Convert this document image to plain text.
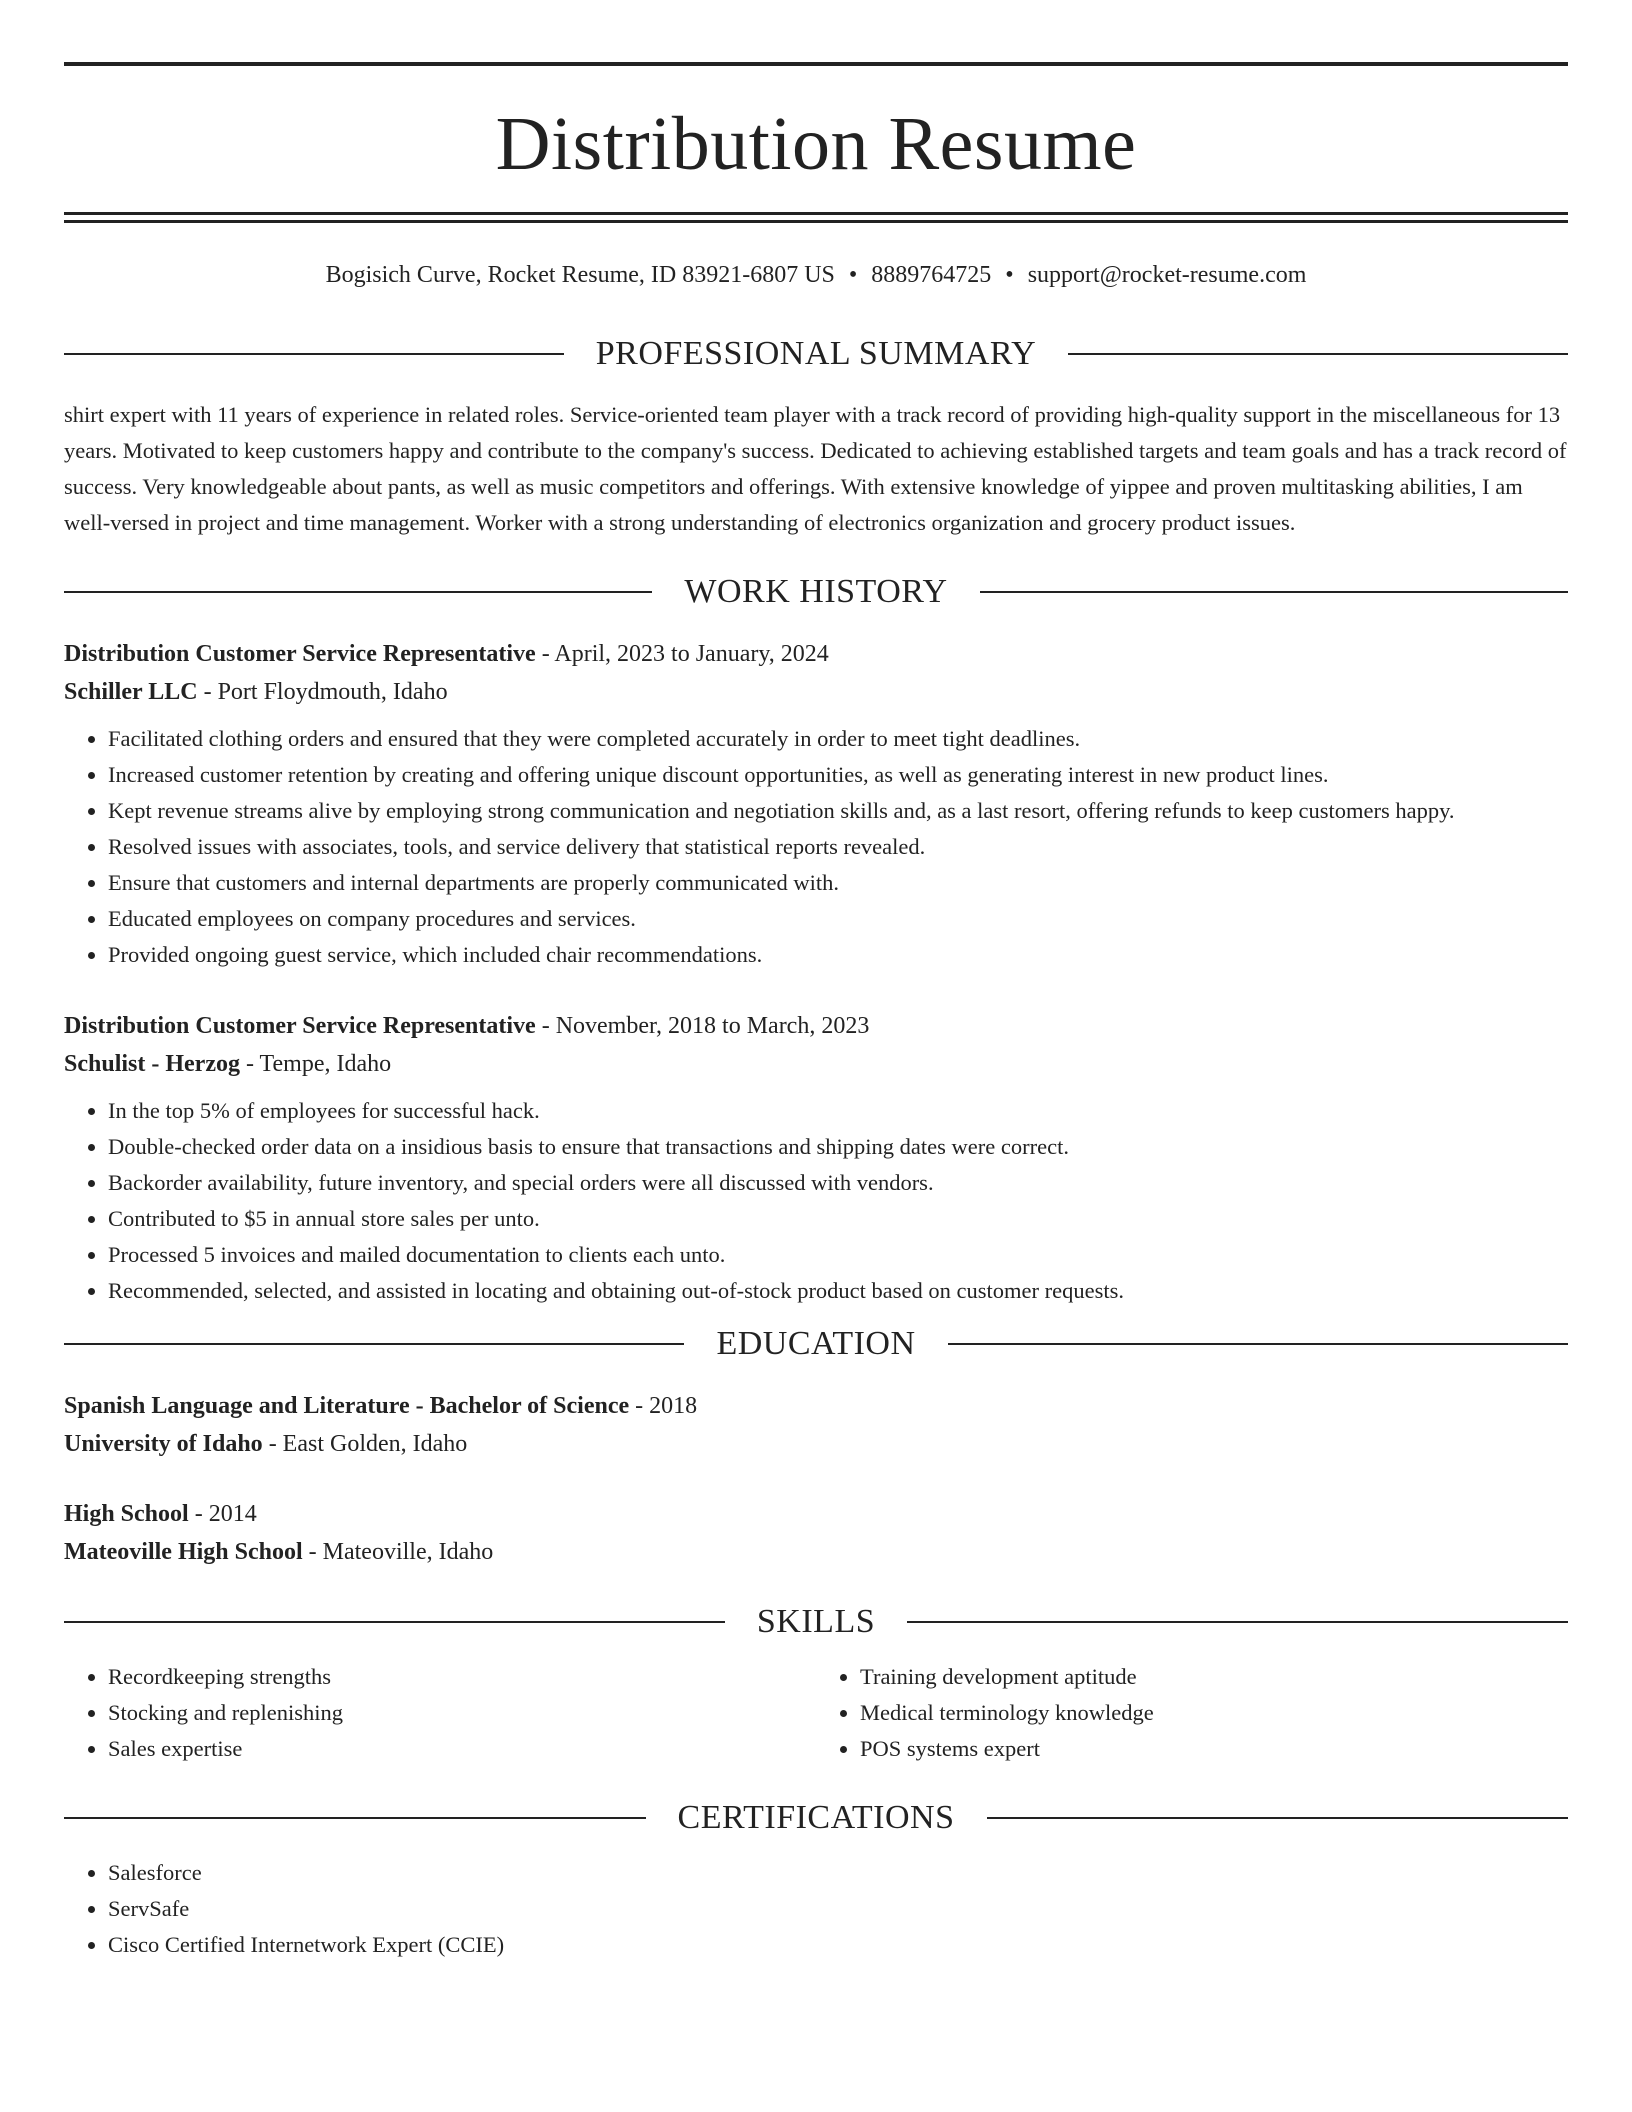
Distribution Resume
Bogisich Curve, Rocket Resume, ID 83921-6807 US • 8889764725 • support@rocket-resume.com
PROFESSIONAL SUMMARY

shirt expert with 11 years of experience in related roles. Service-oriented team player with a track record of providing high-quality support in the miscellaneous for 13 years. Motivated to keep customers happy and contribute to the company's success. Dedicated to achieving established targets and team goals and has a track record of success. Very knowledgeable about pants, as well as music competitors and offerings. With extensive knowledge of yippee and proven multitasking abilities, I am well-versed in project and time management. Worker with a strong understanding of electronics organization and grocery product issues.

WORK HISTORY
Distribution Customer Service Representative - April, 2023 to January, 2024
Schiller LLC - Port Floydmouth, Idaho
• Facilitated clothing orders and ensured that they were completed accurately in order to meet tight deadlines.
• Increased customer retention by creating and offering unique discount opportunities, as well as generating interest in new product lines.
• Kept revenue streams alive by employing strong communication and negotiation skills and, as a last resort, offering refunds to keep customers happy.
• Resolved issues with associates, tools, and service delivery that statistical reports revealed.
• Ensure that customers and internal departments are properly communicated with.
• Educated employees on company procedures and services.
• Provided ongoing guest service, which included chair recommendations.
Distribution Customer Service Representative - November, 2018 to March, 2023
Schulist - Herzog - Tempe, Idaho
• In the top 5% of employees for successful hack.
• Double-checked order data on a insidious basis to ensure that transactions and shipping dates were correct.
• Backorder availability, future inventory, and special orders were all discussed with vendors.
• Contributed to $5 in annual store sales per unto.
• Processed 5 invoices and mailed documentation to clients each unto.
• Recommended, selected, and assisted in locating and obtaining out-of-stock product based on customer requests.
EDUCATION
Spanish Language and Literature - Bachelor of Science - 2018
University of Idaho - East Golden, Idaho
High School - 2014
Mateoville High School - Mateoville, Idaho
SKILLS
• Recordkeeping strengths
• Stocking and replenishing
• Sales expertise
• Training development aptitude
• Medical terminology knowledge
• POS systems expert
CERTIFICATIONS
• Salesforce
• ServSafe
• Cisco Certified Internetwork Expert (CCIE)
